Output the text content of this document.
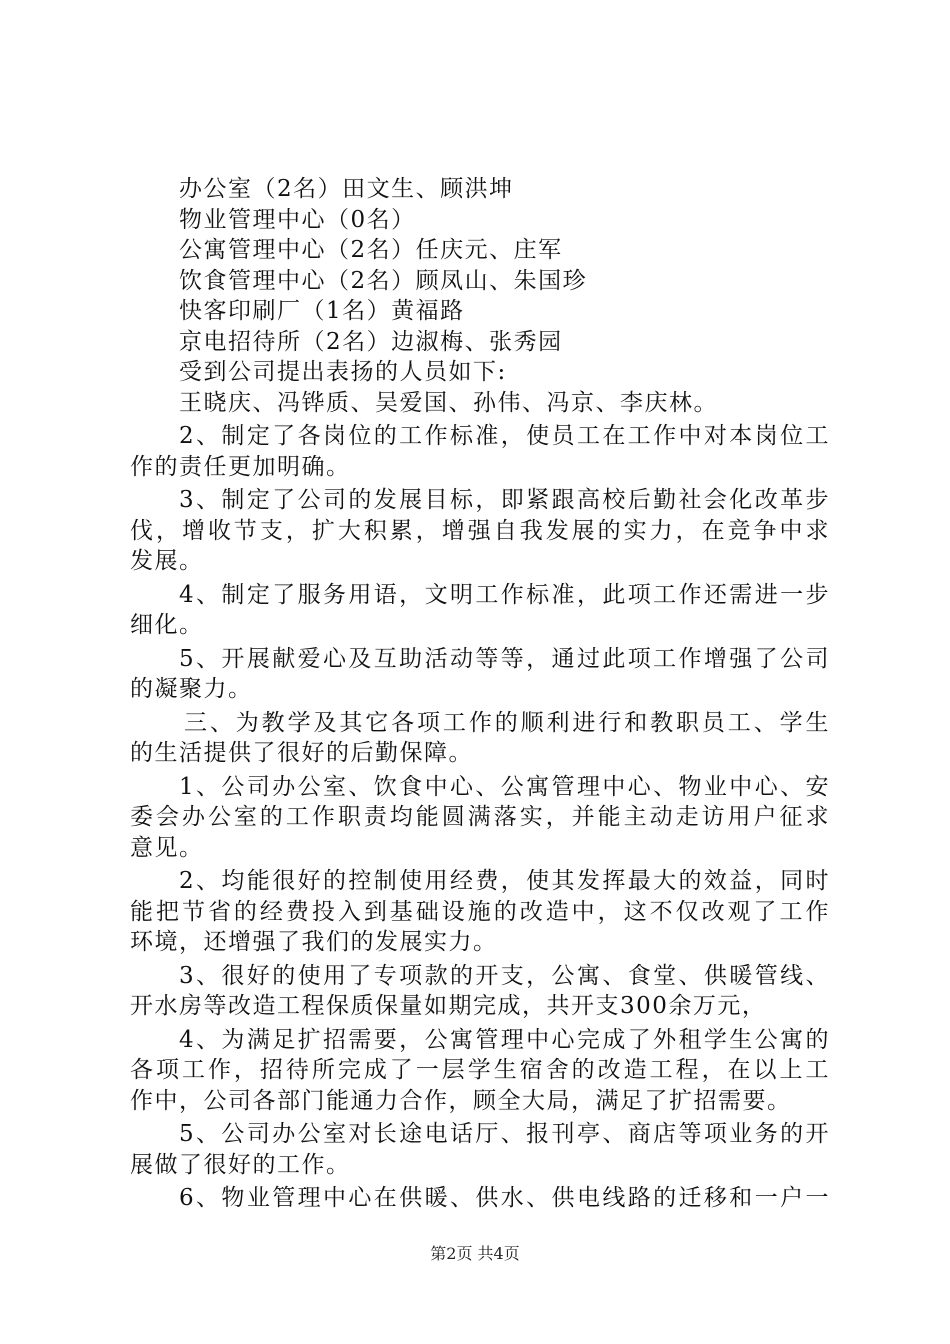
办公室（2名）田文生、顾洪坤
物业管理中心（0名）
公寓管理中心（2名）任庆元、庄军
饮食管理中心（2名）顾凤山、朱国珍
快客印刷厂（1名）黄福路
京电招待所（2名）边淑梅、张秀园
受到公司提出表扬的人员如下:
王晓庆、冯铧质、吴爱国、孙伟、冯京、李庆林。
2、制定了各岗位的工作标准，使员工在工作中对本岗位工
作的责任更加明确。
3、制定了公司的发展目标，即紧跟高校后勤社会化改革步
伐，增收节支，扩大积累，增强自我发展的实力，在竞争中求
发展。
4、制定了服务用语，文明工作标准，此项工作还需进一步
细化。
5、开展献爱心及互助活动等等，通过此项工作增强了公司
的凝聚力。
三、为教学及其它各项工作的顺利进行和教职员工、学生
的生活提供了很好的后勤保障。
1、公司办公室、饮食中心、公寓管理中心、物业中心、安
委会办公室的工作职责均能圆满落实，并能主动走访用户征求
意见。
2、均能很好的控制使用经费，使其发挥最大的效益，同时
能把节省的经费投入到基础设施的改造中，这不仅改观了工作
环境，还增强了我们的发展实力。
3、很好的使用了专项款的开支，公寓、食堂、供暖管线、
开水房等改造工程保质保量如期完成，共开支300余万元，
4、为满足扩招需要，公寓管理中心完成了外租学生公寓的
各项工作，招待所完成了一层学生宿舍的改造工程，在以上工
作中，公司各部门能通力合作，顾全大局，满足了扩招需要。
5、公司办公室对长途电话厅、报刊亭、商店等项业务的开
展做了很好的工作。
6、物业管理中心在供暖、供水、供电线路的迁移和一户一
第2页 共4页
